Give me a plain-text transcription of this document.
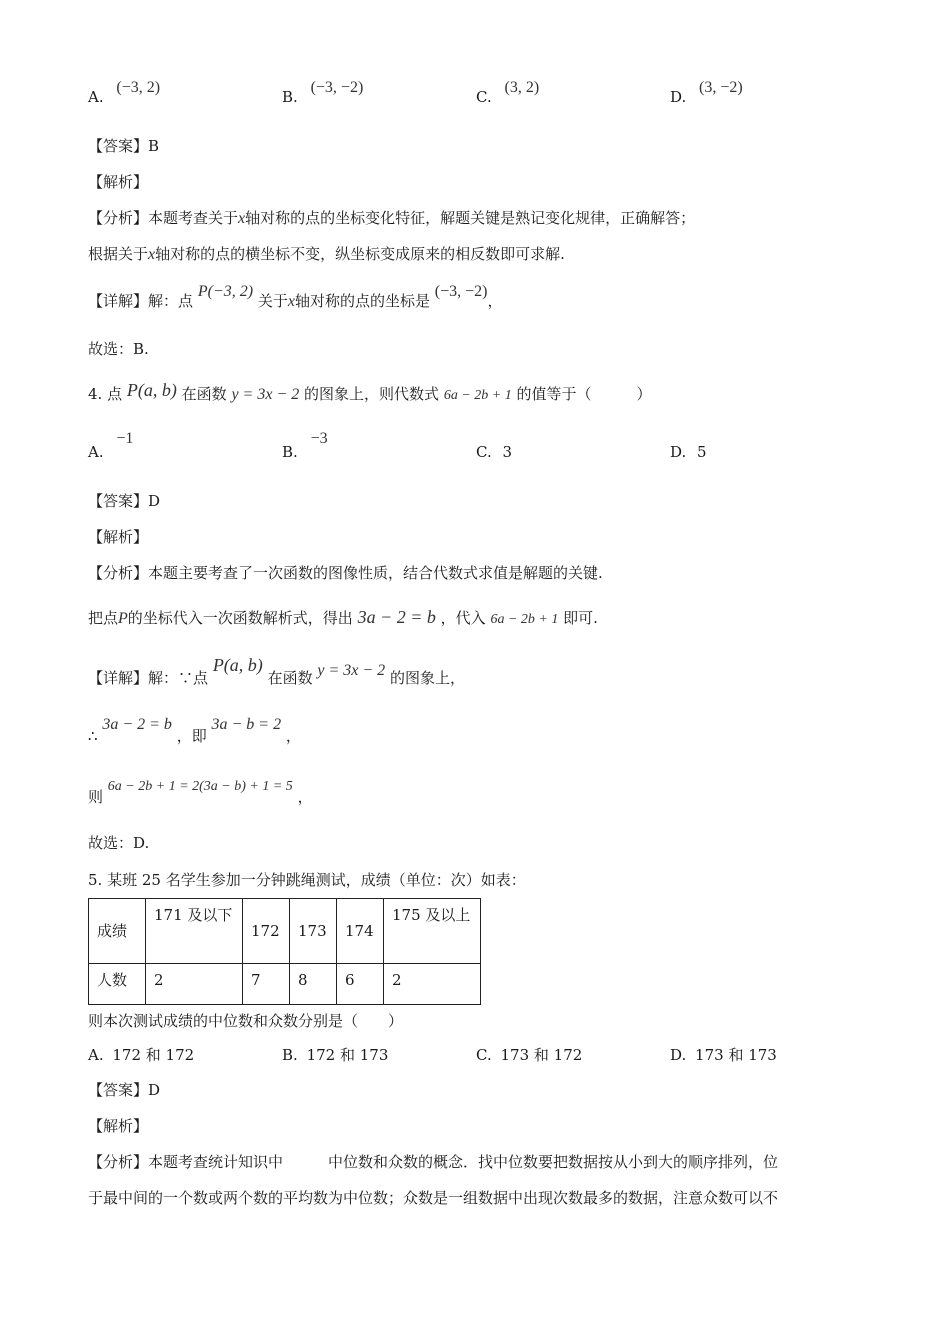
A. (−3, 2)
B. (−3, −2)
C. (3, 2)
D. (3, −2)
【答案】B
【解析】
【分析】本题考查关于x轴对称的点的坐标变化特征，解题关键是熟记变化规律，正确解答；
根据关于x轴对称的点的横坐标不变，纵坐标变成原来的相反数即可求解.
【详解】解：点 P(−3, 2) 关于x轴对称的点的坐标是 (−3, −2)，
故选：B.
4. 点 P(a, b) 在函数 y = 3x − 2 的图象上，则代数式 6a − 2b + 1 的值等于（　　　）
A. −1
B. −3
C. 3	D. 5
【答案】D
【解析】
【分析】本题主要考查了一次函数的图像性质，结合代数式求值是解题的关键.
把点P的坐标代入一次函数解析式，得出 3a − 2 = b ，代入 6a − 2b + 1 即可.
【详解】解：∵点 P(a, b) 在函数 y = 3x − 2 的图象上，
∴ 3a − 2 = b ，即 3a − b = 2 ，
则 6a − 2b + 1 = 2(3a − b) + 1 = 5 ，
故选：D.
5. 某班 25 名学生参加一分钟跳绳测试，成绩（单位：次）如表：
成绩	171 及以下	172	173	174	175 及以上
人数	2	7	8	6	2
则本次测试成绩的中位数和众数分别是（　　）
A. 172 和 172	B. 172 和 173	C. 173 和 172	D. 173 和 173
【答案】D
【解析】
【分析】本题考查统计知识中　　　中位数和众数的概念．找中位数要把数据按从小到大的顺序排列，位
于最中间的一个数或两个数的平均数为中位数；众数是一组数据中出现次数最多的数据，注意众数可以不
